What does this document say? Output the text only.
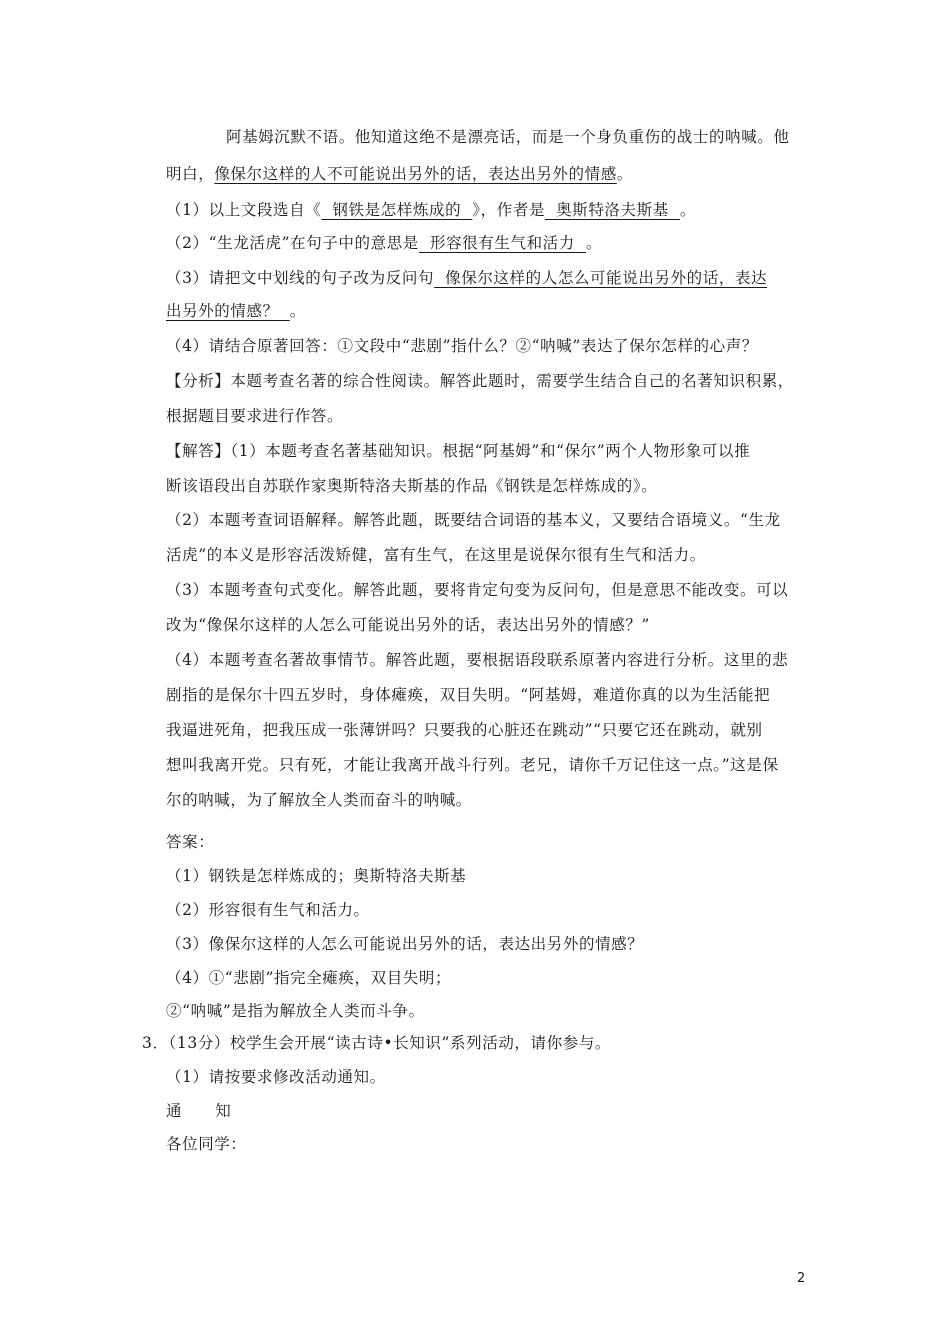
阿基姆沉默不语。他知道这绝不是漂亮话，而是一个身负重伤的战士的呐喊。他
明白，像保尔这样的人不可能说出另外的话，表达出另外的情感。
（1）以上文段选自《  钢铁是怎样炼成的  》，作者是  奥斯特洛夫斯基  。
（2）“生龙活虎”在句子中的意思是  形容很有生气和活力  。
（3）请把文中划线的句子改为反问句  像保尔这样的人怎么可能说出另外的话，表达
出另外的情感？  。
（4）请结合原著回答：①文段中“悲剧”指什么？②“呐喊”表达了保尔怎样的心声？
【分析】本题考查名著的综合性阅读。解答此题时，需要学生结合自己的名著知识积累，
根据题目要求进行作答。
【解答】（1）本题考查名著基础知识。根据“阿基姆”和“保尔”两个人物形象可以推
断该语段出自苏联作家奥斯特洛夫斯基的作品《钢铁是怎样炼成的》。
（2）本题考查词语解释。解答此题，既要结合词语的基本义，又要结合语境义。“生龙
活虎”的本义是形容活泼矫健，富有生气，在这里是说保尔很有生气和活力。
（3）本题考查句式变化。解答此题，要将肯定句变为反问句，但是意思不能改变。可以
改为“像保尔这样的人怎么可能说出另外的话，表达出另外的情感？”
（4）本题考查名著故事情节。解答此题，要根据语段联系原著内容进行分析。这里的悲
剧指的是保尔十四五岁时，身体瘫痪，双目失明。“阿基姆，难道你真的以为生活能把
我逼进死角，把我压成一张薄饼吗？只要我的心脏还在跳动”“只要它还在跳动，就别
想叫我离开党。只有死，才能让我离开战斗行列。老兄，请你千万记住这一点。”这是保
尔的呐喊，为了解放全人类而奋斗的呐喊。
答案：
（1）钢铁是怎样炼成的；奥斯特洛夫斯基
（2）形容很有生气和活力。
（3）像保尔这样的人怎么可能说出另外的话，表达出另外的情感？
（4）①“悲剧”指完全瘫痪，双目失明；
②“呐喊”是指为解放全人类而斗争。
3．（13分）校学生会开展“读古诗•长知识”系列活动，请你参与。
（1）请按要求修改活动通知。
通      知
各位同学：
2
